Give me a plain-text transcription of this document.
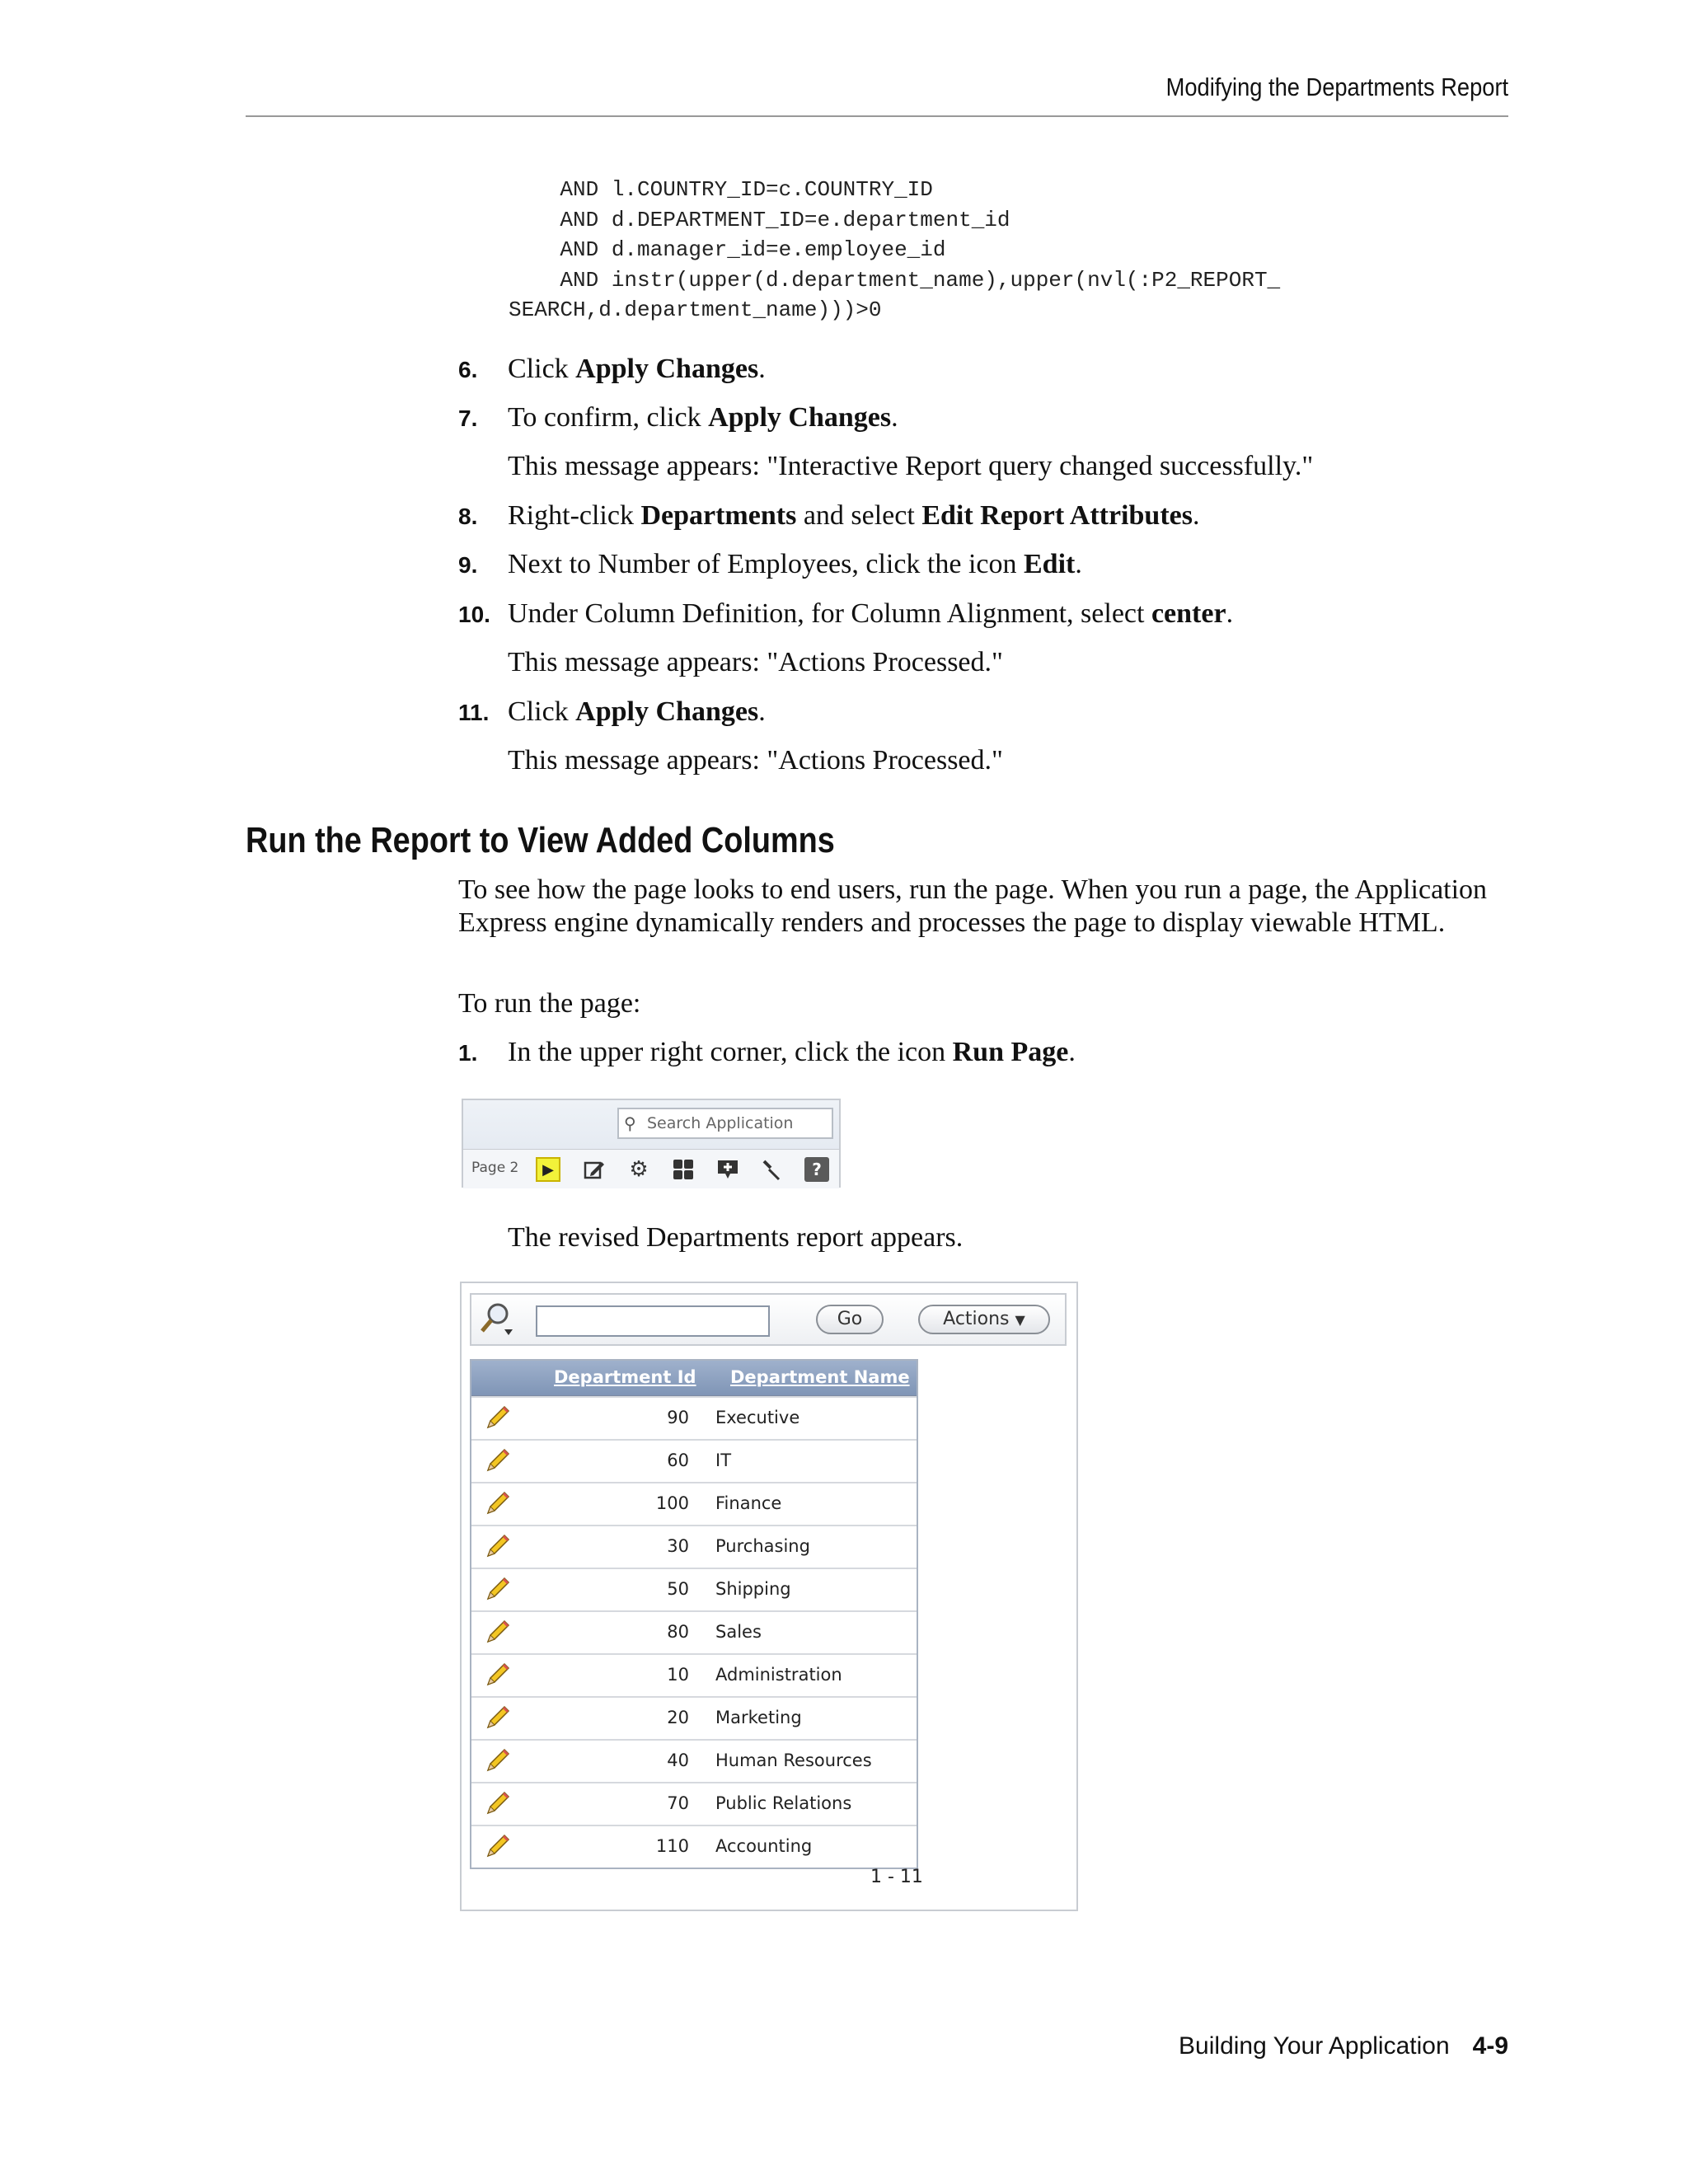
Modifying the Departments Report
AND l.COUNTRY_ID=c.COUNTRY_ID
AND d.DEPARTMENT_ID=e.department_id
AND d.manager_id=e.employee_id
AND instr(upper(d.department_name),upper(nvl(:P2_REPORT_
SEARCH,d.department_name)))>0
6. Click Apply Changes.
7. To confirm, click Apply Changes.
This message appears: "Interactive Report query changed successfully."
8. Right-click Departments and select Edit Report Attributes.
9. Next to Number of Employees, click the icon Edit.
10. Under Column Definition, for Column Alignment, select center.
This message appears: "Actions Processed."
11. Click Apply Changes.
This message appears: "Actions Processed."
Run the Report to View Added Columns

To see how the page looks to end users, run the page. When you run a page, the Application Express engine dynamically renders and processes the page to display viewable HTML.

To run the page:

1. In the upper right corner, click the icon Run Page.
⚲ Search Application
Page 2	▶	⚙	?

The revised Departments report appears.

Go	Actions ▼
Department Id Department Name
90 Executive
60 IT
100 Finance
30 Purchasing
50 Shipping
80 Sales
10 Administration
20 Marketing
40 Human Resources
70 Public Relations
110 Accounting
1 - 11
Building Your Application 4-9
